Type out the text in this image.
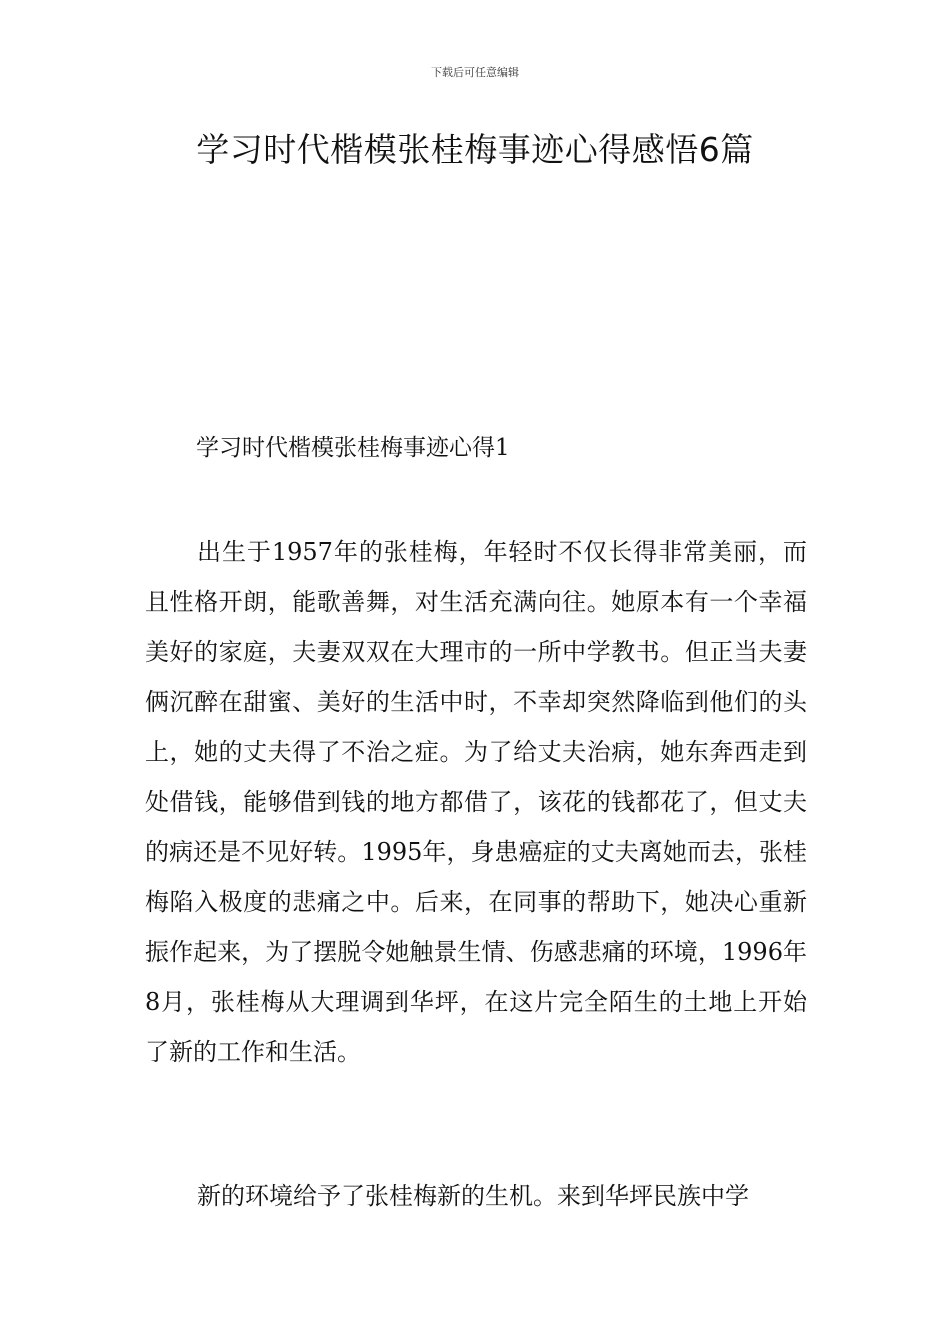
下载后可任意编辑
学习时代楷模张桂梅事迹心得感悟6篇
学习时代楷模张桂梅事迹心得1

出生于1957年的张桂梅，年轻时不仅长得非常美丽，而且性格开朗，能歌善舞，对生活充满向往。她原本有一个幸福美好的家庭，夫妻双双在大理市的一所中学教书。但正当夫妻俩沉醉在甜蜜、美好的生活中时，不幸却突然降临到他们的头上，她的丈夫得了不治之症。为了给丈夫治病，她东奔西走到处借钱，能够借到钱的地方都借了，该花的钱都花了，但丈夫的病还是不见好转。1995年，身患癌症的丈夫离她而去，张桂梅陷入极度的悲痛之中。后来，在同事的帮助下，她决心重新振作起来，为了摆脱令她触景生情、伤感悲痛的环境，1996年8月，张桂梅从大理调到华坪，在这片完全陌生的土地上开始了新的工作和生活。

新的环境给予了张桂梅新的生机。来到华坪民族中学
